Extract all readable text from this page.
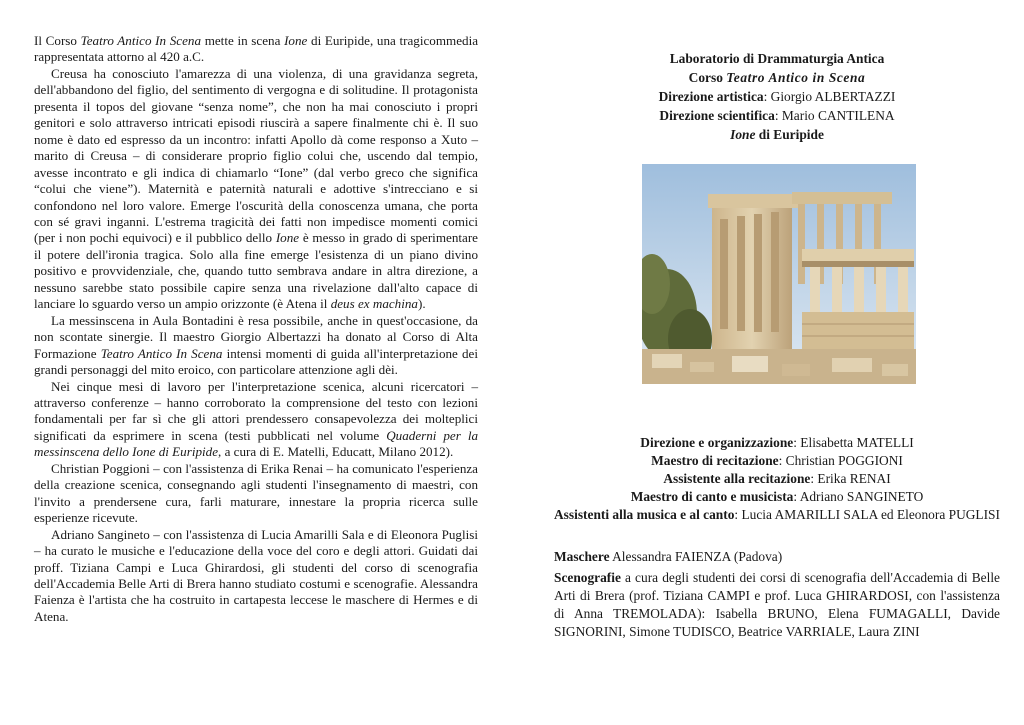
Il Corso Teatro Antico In Scena mette in scena Ione di Euripide, una tragicommedia rappresentata attorno al 420 a.C.

Creusa ha conosciuto l'amarezza di una violenza, di una gravidanza segreta, dell'abbandono del figlio, del sentimento di vergogna e di solitudine. Il protagonista presenta il topos del giovane “senza nome”, che non ha mai conosciuto i propri genitori e solo attraverso intricati episodi riuscirà a sapere finalmente chi è. Il suo nome è dato ed espresso da un incontro: infatti Apollo dà come responso a Xuto – marito di Creusa – di considerare proprio figlio colui che, uscendo dal tempio, avesse incontrato e gli indica di chiamarlo “Ione” (dal verbo greco che significa “colui che viene”). Maternità e paternità naturali e adottive s'intrecciano e si confondono nel loro valore. Emerge l'oscurità della conoscenza umana, che porta con sé gravi inganni. L'estrema tragicità dei fatti non impedisce momenti comici (per i non pochi equivoci) e il pubblico dello Ione è messo in grado di sperimentare il potere dell'ironia tragica. Solo alla fine emerge l'esistenza di un piano divino positivo e provvidenziale, che, quando tutto sembrava andare in altra direzione, a nessuno sarebbe stato possibile capire senza una rivelazione dall'alto capace di lanciare lo sguardo verso un ampio orizzonte (è Atena il deus ex machina).

La messinscena in Aula Bontadini è resa possibile, anche in quest'occasione, da non scontate sinergie. Il maestro Giorgio Albertazzi ha donato al Corso di Alta Formazione Teatro Antico In Scena intensi momenti di guida all'interpretazione dei grandi personaggi del mito eroico, con particolare attenzione agli dèi.

Nei cinque mesi di lavoro per l'interpretazione scenica, alcuni ricercatori – attraverso conferenze – hanno corroborato la comprensione del testo con lezioni fondamentali per far sì che gli attori prendessero consapevolezza dei molteplici significati da esprimere in scena (testi pubblicati nel volume Quaderni per la messinscena dello Ione di Euripide, a cura di E. Matelli, Educatt, Milano 2012).

Christian Poggioni – con l'assistenza di Erika Renai – ha comunicato l'esperienza della creazione scenica, consegnando agli studenti l'insegnamento di maestri, con l'invito a prendersene cura, farli maturare, innestare la propria ricerca sulle esperienze ricevute.

Adriano Sangineto – con l'assistenza di Lucia Amarilli Sala e di Eleonora Puglisi – ha curato le musiche e l'educazione della voce del coro e degli attori. Guidati dai proff. Tiziana Campi e Luca Ghirardosi, gli studenti del corso di scenografia dell'Accademia Belle Arti di Brera hanno studiato costumi e scenografie. Alessandra Faienza è l'artista che ha costruito in cartapesta leccese le maschere di Hermes e di Atena.

Laboratorio di Drammaturgia Antica
Corso Teatro Antico in Scena
Direzione artistica: Giorgio ALBERTAZZI
Direzione scientifica: Mario CANTILENA
Ione di Euripide
Direzione e organizzazione: Elisabetta MATELLI
Maestro di recitazione: Christian POGGIONI
Assistente alla recitazione: Erika RENAI
Maestro di canto e musicista: Adriano SANGINETO
Assistenti alla musica e al canto: Lucia AMARILLI SALA ed Eleonora PUGLISI

Maschere Alessandra FAIENZA (Padova)

Scenografie a cura degli studenti dei corsi di scenografia dell'Accademia di Belle Arti di Brera (prof. Tiziana CAMPI e prof. Luca GHIRARDOSI, con l'assistenza di Anna TREMOLADA): Isabella BRUNO, Elena FUMAGALLI, Davide SIGNORINI, Simone TUDISCO, Beatrice VARRIALE, Laura ZINI
